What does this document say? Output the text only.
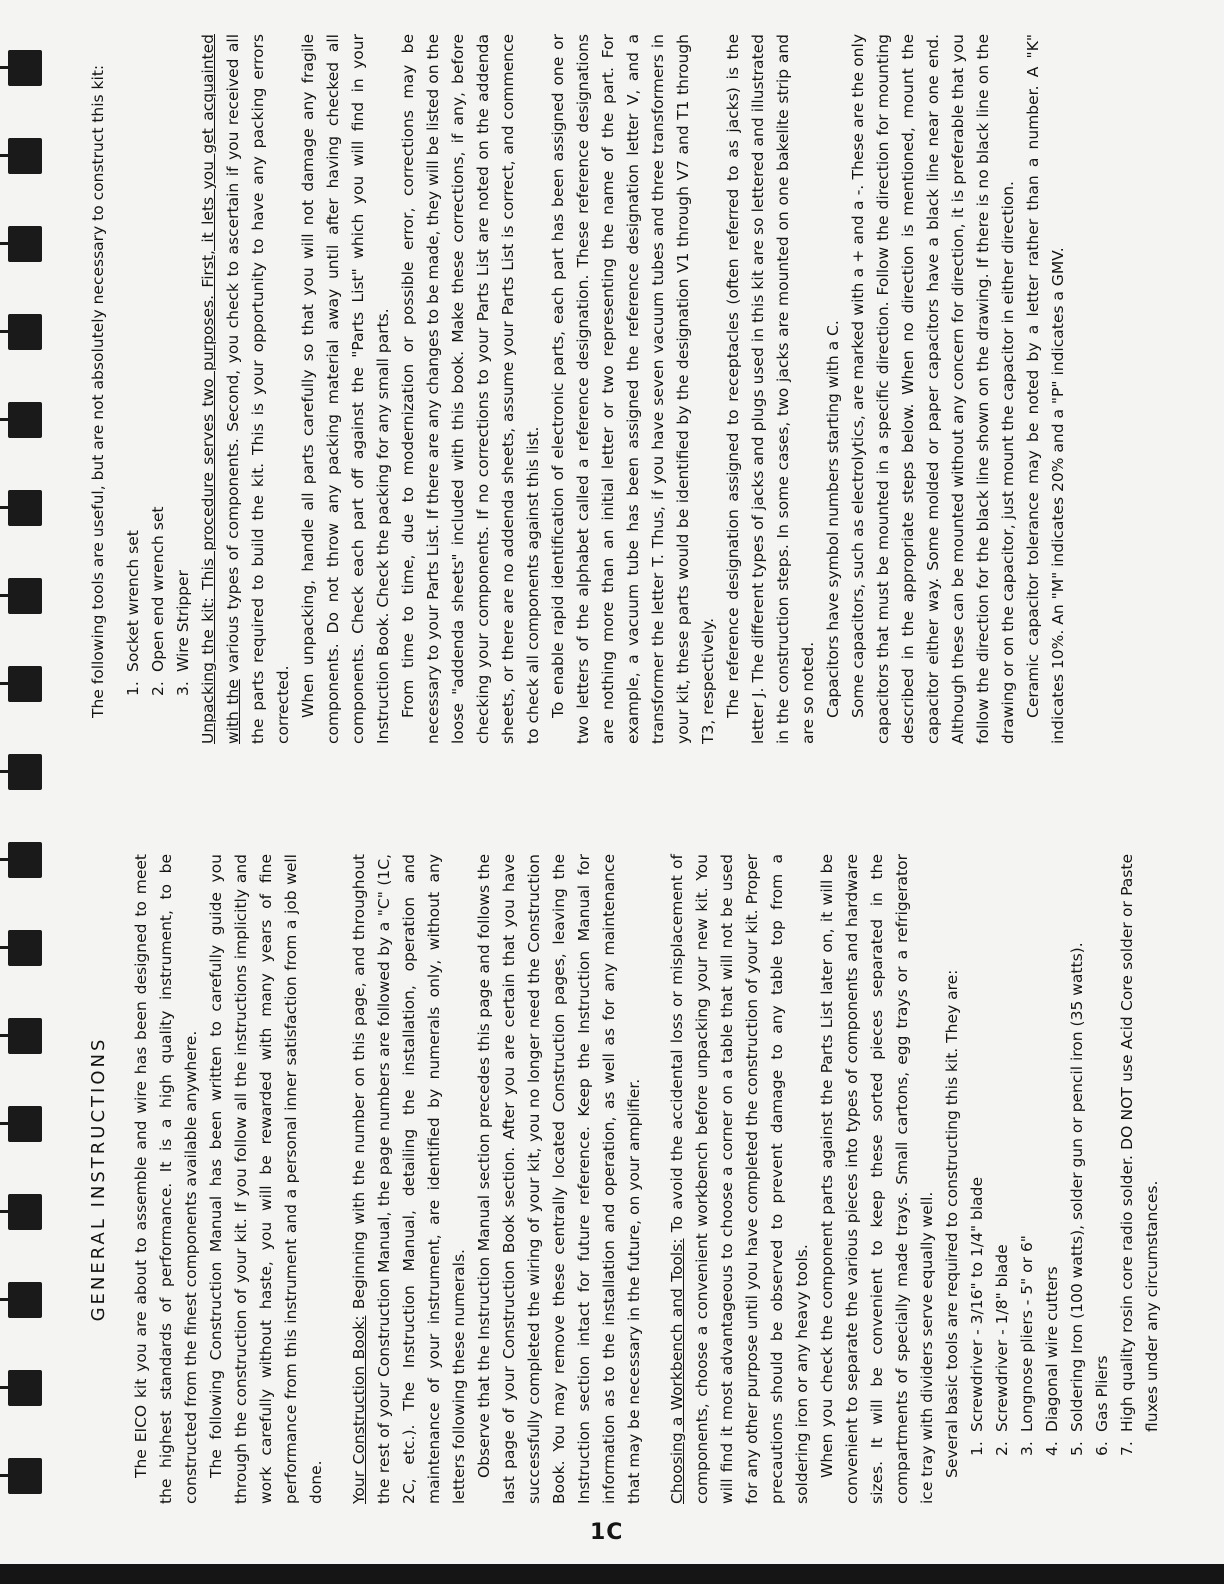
GENERAL INSTRUCTIONS The EICO kit you are about to assemble and wire has been designed to meet the highest standards of performance. It is a high quality instrument, to be constructed from the finest components available anywhere. The following Construction Manual has been written to carefully guide you through the construction of your kit. If you follow all the instructions implicitly and work carefully without haste, you will be rewarded with many years of fine performance from this instrument and a personal inner satisfaction from a job well done. Your Construction Book: Beginning with the number on this page, and throughout the rest of your Construction Manual, the page numbers are followed by a "C" (1C, 2C, etc.). The Instruction Manual, detailing the installation, operation and maintenance of your instrument, are identified by numerals only, without any letters following these numerals. Observe that the Instruction Manual section precedes this page and follows the last page of your Construction Book section. After you are certain that you have successfully completed the wiring of your kit, you no longer need the Construction Book. You may remove these centrally located Construction pages, leaving the Instruction section intact for future reference. Keep the Instruction Manual for information as to the installation and operation, as well as for any maintenance that may be necessary in the future, on your amplifier. Choosing a Workbench and Tools: To avoid the accidental loss or misplacement of components, choose a convenient workbench before unpacking your new kit. You will find it most advantageous to choose a corner on a table that will not be used for any other purpose until you have completed the construction of your kit. Proper precautions should be observed to prevent damage to any table top from a soldering iron or any heavy tools. When you check the component parts against the Parts List later on, it will be convenient to separate the various pieces into types of components and hardware sizes. It will be convenient to keep these sorted pieces separated in the compartments of specially made trays. Small cartons, egg trays or a refrigerator ice tray with dividers serve equally well. Several basic tools are required to constructing this kit. They are: 1.
Screwdriver - 3/16" to 1/4" blade
2.
Screwdriver - 1/8" blade
3.
Longnose pliers - 5" or 6"
4.
Diagonal wire cutters
5.
Soldering Iron (100 watts), solder gun or pencil iron (35 watts).
6.
Gas Pliers
7.
High quality rosin core radio solder. DO NOT use Acid Core solder or Paste fluxes under any circumstances.

The following tools are useful, but are not absolutely necessary to construct this kit: 1.
Socket wrench set
2.
Open end wrench set
3.
Wire Stripper Unpacking the kit: This procedure serves two purposes. First, it lets you get acquainted with the various types of components. Second, you check to ascertain if you received all the parts required to build the kit. This is your opportunity to have any packing errors corrected. When unpacking, handle all parts carefully so that you will not damage any fragile components. Do not throw any packing material away until after having checked all components. Check each part off against the "Parts List" which you will find in your Instruction Book. Check the packing for any small parts. From time to time, due to modernization or possible error, corrections may be necessary to your Parts List. If there are any changes to be made, they will be listed on the loose "addenda sheets" included with this book. Make these corrections, if any, before checking your components. If no corrections to your Parts List are noted on the addenda sheets, or there are no addenda sheets, assume your Parts List is correct, and commence to check all components against this list. To enable rapid identification of electronic parts, each part has been assigned one or two letters of the alphabet called a reference designation. These reference designations are nothing more than an initial letter or two representing the name of the part. For example, a vacuum tube has been assigned the reference designation letter V, and a transformer the letter T. Thus, if you have seven vacuum tubes and three transformers in your kit, these parts would be identified by the designation V1 through V7 and T1 through T3, respectively. The reference designation assigned to receptacles (often referred to as jacks) is the letter J. The different types of jacks and plugs used in this kit are so lettered and illustrated in the construction steps. In some cases, two jacks are mounted on one bakelite strip and are so noted. Capacitors have symbol numbers starting with a C. Some capacitors, such as electrolytics, are marked with a + and a -. These are the only capacitors that must be mounted in a specific direction. Follow the direction for mounting described in the appropriate steps below. When no direction is mentioned, mount the capacitor either way. Some molded or paper capacitors have a black line near one end. Although these can be mounted without any concern for direction, it is preferable that you follow the direction for the black line shown on the drawing. If there is no black line on the drawing or on the capacitor, just mount the capacitor in either direction. Ceramic capacitor tolerance may be noted by a letter rather than a number. A "K" indicates 10%. An "M" indicates 20% and a "P" indicates a GMV.

1C
